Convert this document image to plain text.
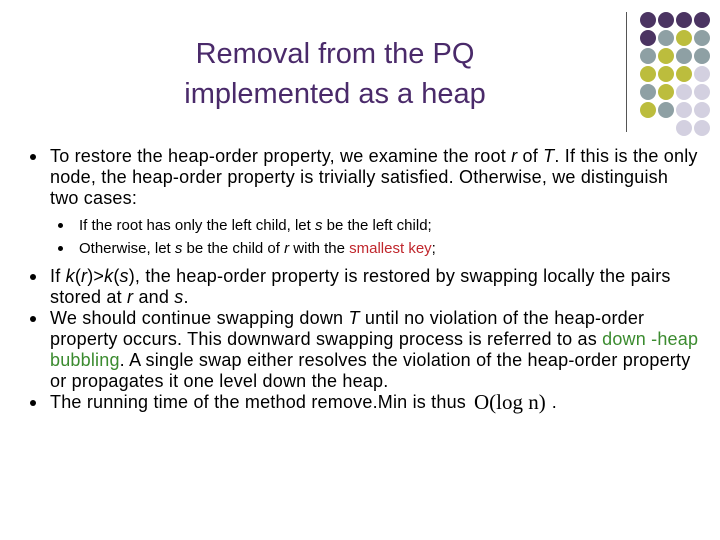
Removal from the PQ
implemented as a heap
To restore the heap-order property, we examine the root r of T. If this is the only node, the heap-order property is trivially satisfied. Otherwise, we distinguish two cases:
If the root has only the left child, let s be the left child;
Otherwise, let s be the child of r with the smallest key;
If k(r)>k(s), the heap-order property is restored by swapping locally the pairs stored at r and s.
We should continue swapping down T until no violation of the heap-order property occurs. This downward swapping process is referred to as down -heap bubbling. A single swap either resolves the violation of the heap-order property or propagates it one level down the heap.
The running time of the method remove.Min is thus O(log n) .
